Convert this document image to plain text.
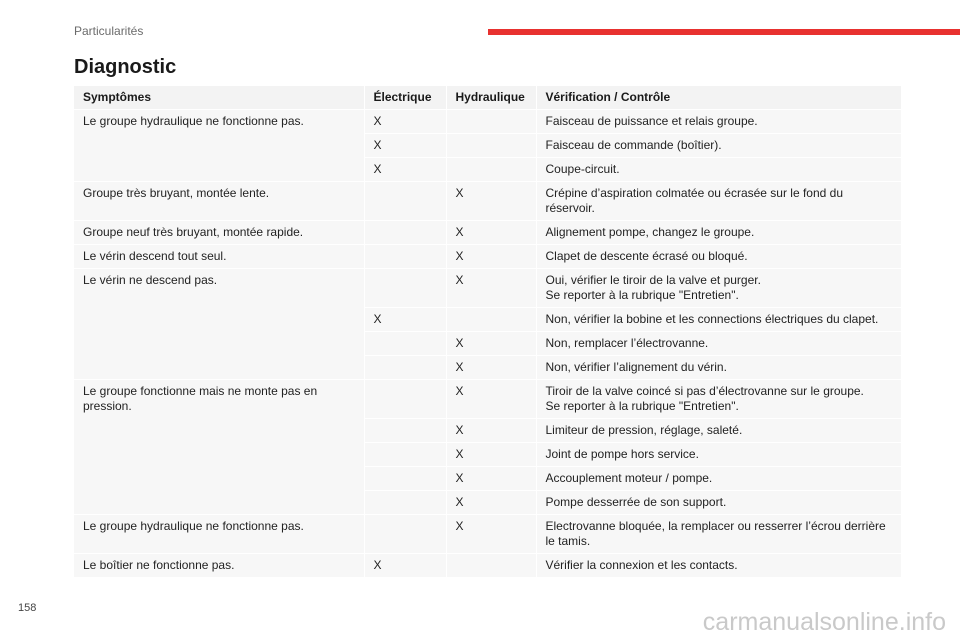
Particularités
Diagnostic
Symptômes	Électrique	Hydraulique	Vérification / Contrôle
Le groupe hydraulique ne fonctionne pas.	X		Faisceau de puissance et relais groupe.
	X		Faisceau de commande (boîtier).
	X		Coupe-circuit.
Groupe très bruyant, montée lente.		X	Crépine d’aspiration colmatée ou écrasée sur le fond du réservoir.
Groupe neuf très bruyant, montée rapide.		X	Alignement pompe, changez le groupe.
Le vérin descend tout seul.		X	Clapet de descente écrasé ou bloqué.
Le vérin ne descend pas.		X	Oui, vérifier le tiroir de la valve et purger.
Se reporter à la rubrique "Entretien".
	X		Non, vérifier la bobine et les connections électriques du clapet.
		X	Non, remplacer l’électrovanne.
		X	Non, vérifier l’alignement du vérin.
Le groupe fonctionne mais ne monte pas en pression.		X	Tiroir de la valve coincé si pas d’électrovanne sur le groupe.
Se reporter à la rubrique "Entretien".
		X	Limiteur de pression, réglage, saleté.
		X	Joint de pompe hors service.
		X	Accouplement moteur / pompe.
		X	Pompe desserrée de son support.
Le groupe hydraulique ne fonctionne pas.		X	Electrovanne bloquée, la remplacer ou resserrer l’écrou derrière le tamis.
Le boîtier ne fonctionne pas.	X		Vérifier la connexion et les contacts.
158	carmanualsonline.info
